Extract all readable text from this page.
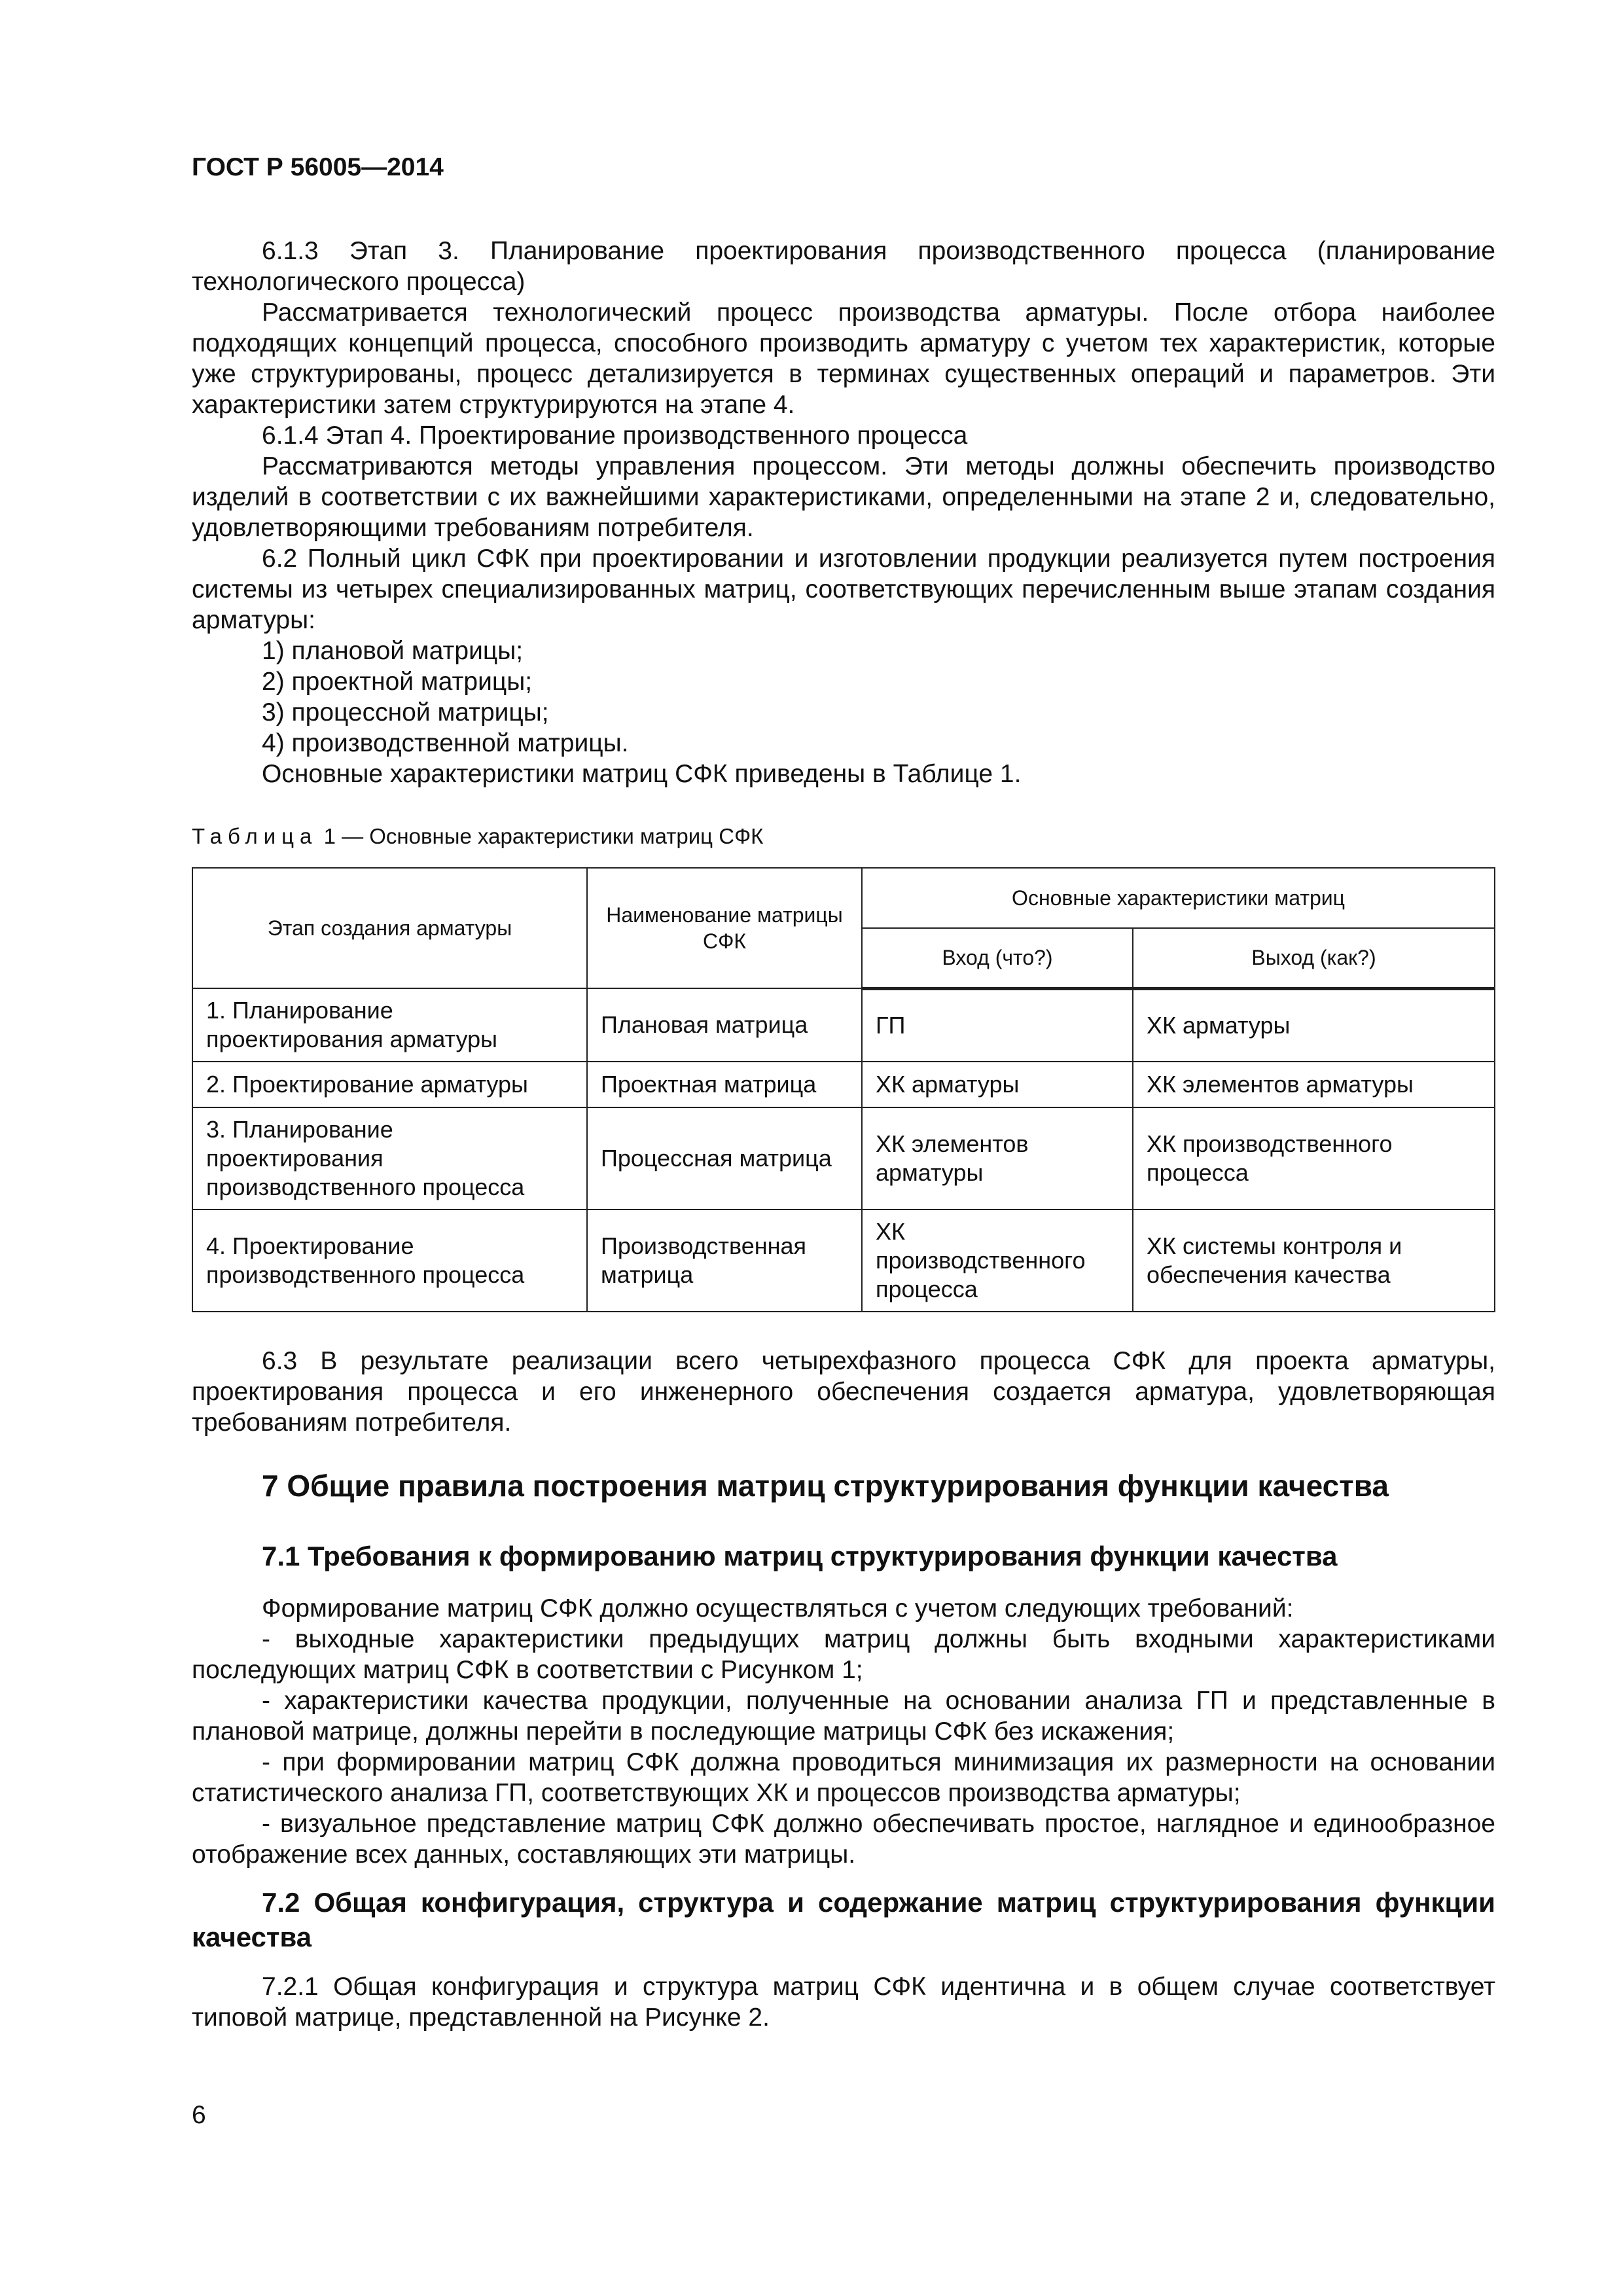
ГОСТ Р 56005—2014

6.1.3 Этап 3. Планирование проектирования производственного процесса (планирование технологического процесса)

Рассматривается технологический процесс производства арматуры. После отбора наиболее подходящих концепций процесса, способного производить арматуру с учетом тех характеристик, которые уже структурированы, процесс детализируется в терминах существенных операций и параметров. Эти характеристики затем структурируются на этапе 4.

6.1.4 Этап 4. Проектирование производственного процесса

Рассматриваются методы управления процессом. Эти методы должны обеспечить производство изделий в соответствии с их важнейшими характеристиками, определенными на этапе 2 и, следовательно, удовлетворяющими требованиям потребителя.

6.2 Полный цикл СФК при проектировании и изготовлении продукции реализуется путем построения системы из четырех специализированных матриц, соответствующих перечисленным выше этапам создания арматуры:

1) плановой матрицы;

2) проектной матрицы;

3) процессной матрицы;

4) производственной матрицы.

Основные характеристики матриц СФК приведены в Таблице 1.

Таблица 1 — Основные характеристики матриц СФК
Этап создания арматуры	Наименование матрицы СФК	Основные характеристики матриц	
		Вход (что?)	Выход (как?)
1. Планирование проектирования арматуры	Плановая матрица	ГП	ХК арматуры
2. Проектирование арматуры	Проектная матрица	ХК арматуры	ХК элементов арматуры
3. Планирование проектирования производственного процесса	Процессная матрица	ХК элементов арматуры	ХК производственного процесса
4. Проектирование производственного процесса	Производственная матрица	ХК производственного процесса	ХК системы контроля и обеспечения качества

6.3 В результате реализации всего четырехфазного процесса СФК для проекта арматуры, проектирования процесса и его инженерного обеспечения создается арматура, удовлетворяющая требованиям потребителя.

7 Общие правила построения матриц структурирования функции качества
7.1 Требования к формированию матриц структурирования функции качества

Формирование матриц СФК должно осуществляться с учетом следующих требований:

- выходные характеристики предыдущих матриц должны быть входными характеристиками последующих матриц СФК в соответствии с Рисунком 1;

- характеристики качества продукции, полученные на основании анализа ГП и представленные в плановой матрице, должны перейти в последующие матрицы СФК без искажения;

- при формировании матриц СФК должна проводиться минимизация их размерности на основании статистического анализа ГП, соответствующих ХК и процессов производства арматуры;

- визуальное представление матриц СФК должно обеспечивать простое, наглядное и единообразное отображение всех данных, составляющих эти матрицы.

7.2 Общая конфигурация, структура и содержание матриц структурирования функции качества

7.2.1 Общая конфигурация и структура матриц СФК идентична и в общем случае соответствует типовой матрице, представленной на Рисунке 2.

6
